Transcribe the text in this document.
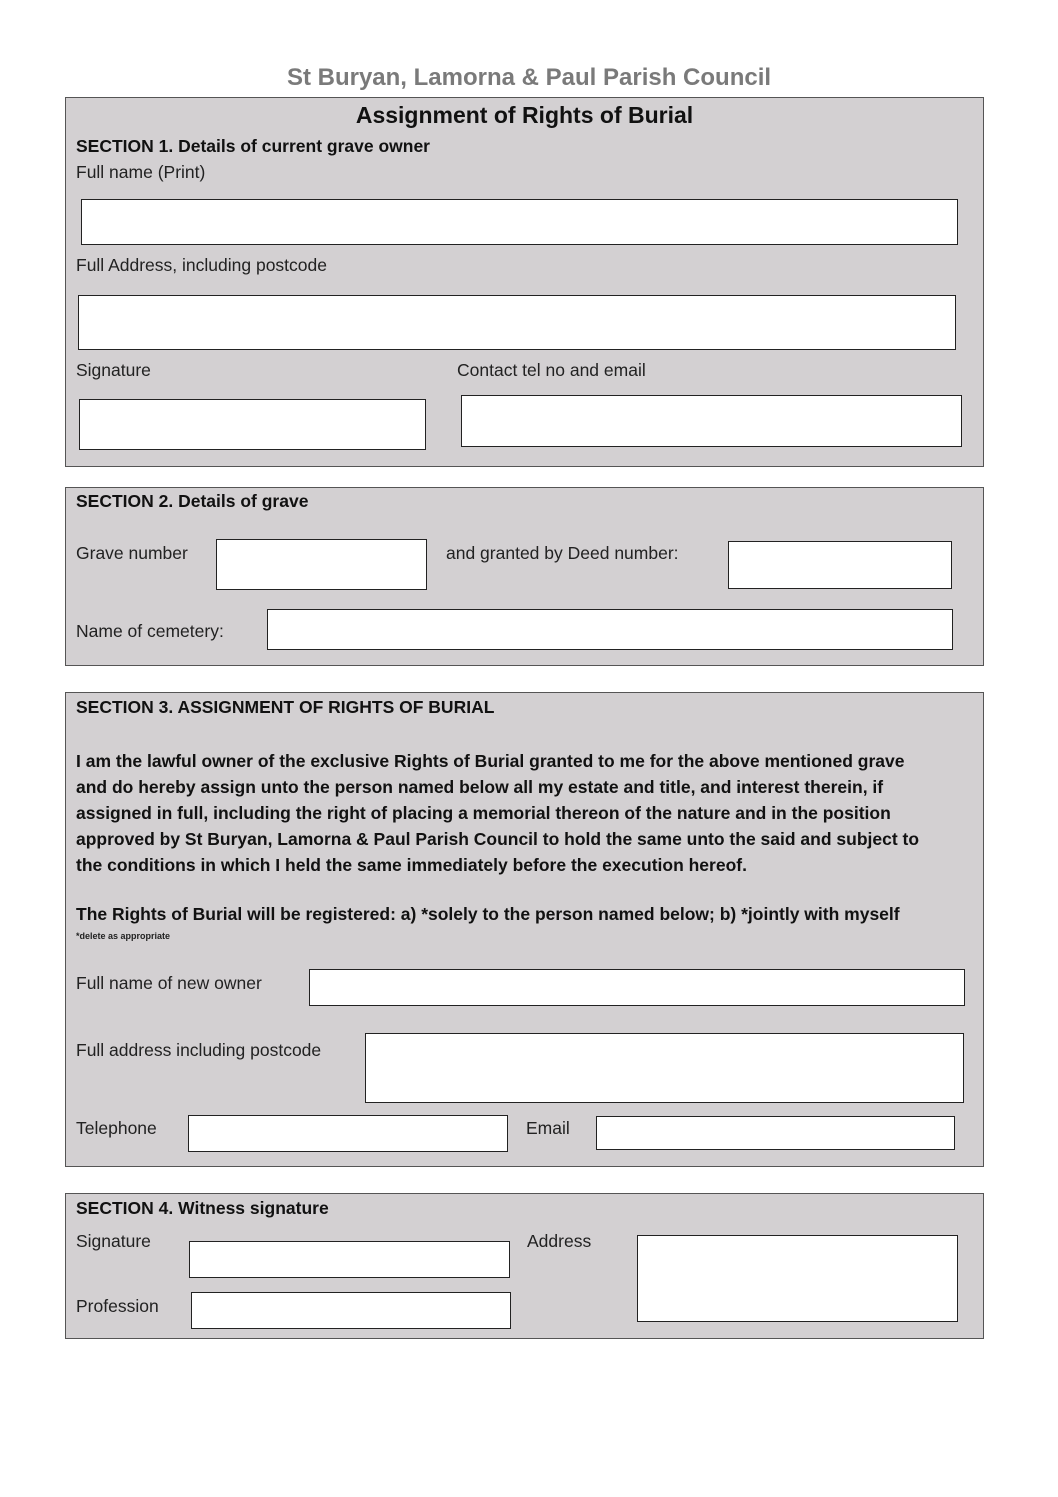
St Buryan, Lamorna & Paul Parish Council
Assignment of Rights of Burial
SECTION 1. Details of current grave owner
Full name (Print)
Full Address, including postcode
Signature	Contact tel no and email
SECTION 2. Details of grave
Grave number	and granted by Deed number:
Name of cemetery:
SECTION 3. ASSIGNMENT OF RIGHTS OF BURIAL
I am the lawful owner of the exclusive Rights of Burial granted to me for the above mentioned grave
and do hereby assign unto the person named below all my estate and title, and interest therein, if
assigned in full, including the right of placing a memorial thereon of the nature and in the position
approved by St Buryan, Lamorna & Paul Parish Council to hold the same unto the said and subject to
the conditions in which I held the same immediately before the execution hereof.
The Rights of Burial will be registered: a) *solely to the person named below; b) *jointly with myself
*delete as appropriate
Full name of new owner
Full address including postcode
Telephone	Email
SECTION 4. Witness signature
Signature	Address
Profession
